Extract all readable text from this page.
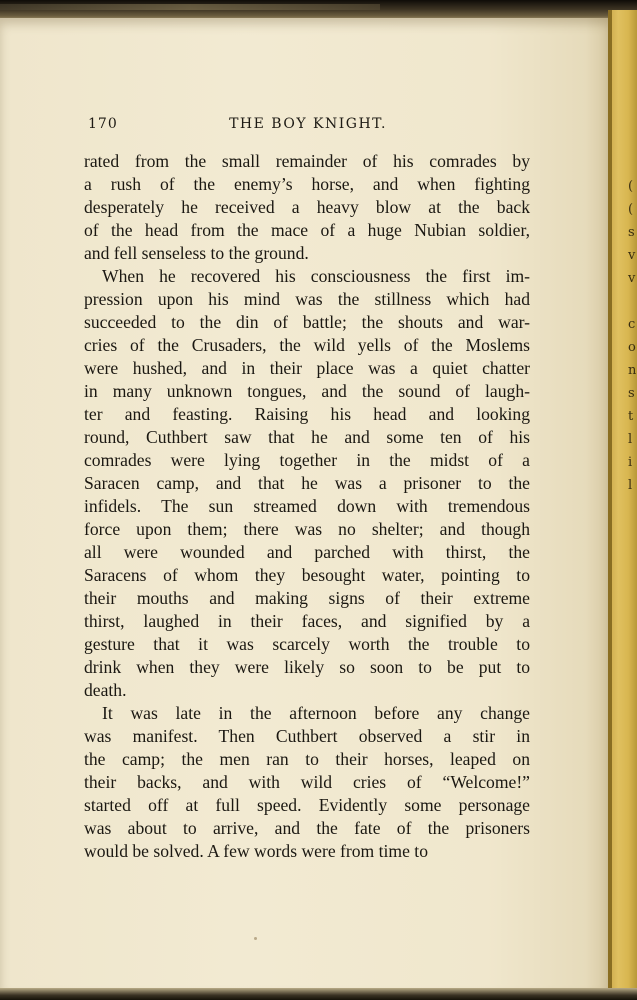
(
(
s
v
v
c
o
n
s
t
l
i
l
170	THE BOY KNIGHT.

rated from the small remainder of his comrades by
a rush of the enemy’s horse, and when fighting
desperately he received a heavy blow at the back
of the head from the mace of a huge Nubian soldier,
and fell senseless to the ground.

When he recovered his consciousness the first im-
pression upon his mind was the stillness which had
succeeded to the din of battle; the shouts and war-
cries of the Crusaders, the wild yells of the Moslems
were hushed, and in their place was a quiet chatter
in many unknown tongues, and the sound of laugh-
ter and feasting. Raising his head and looking
round, Cuthbert saw that he and some ten of his
comrades were lying together in the midst of a
Saracen camp, and that he was a prisoner to the
infidels. The sun streamed down with tremendous
force upon them; there was no shelter; and though
all were wounded and parched with thirst, the
Saracens of whom they besought water, pointing to
their mouths and making signs of their extreme
thirst, laughed in their faces, and signified by a
gesture that it was scarcely worth the trouble to
drink when they were likely so soon to be put to
death.

It was late in the afternoon before any change
was manifest. Then Cuthbert observed a stir in
the camp; the men ran to their horses, leaped on
their backs, and with wild cries of “Welcome!”
started off at full speed. Evidently some personage
was about to arrive, and the fate of the prisoners
would be solved. A few words were from time to
